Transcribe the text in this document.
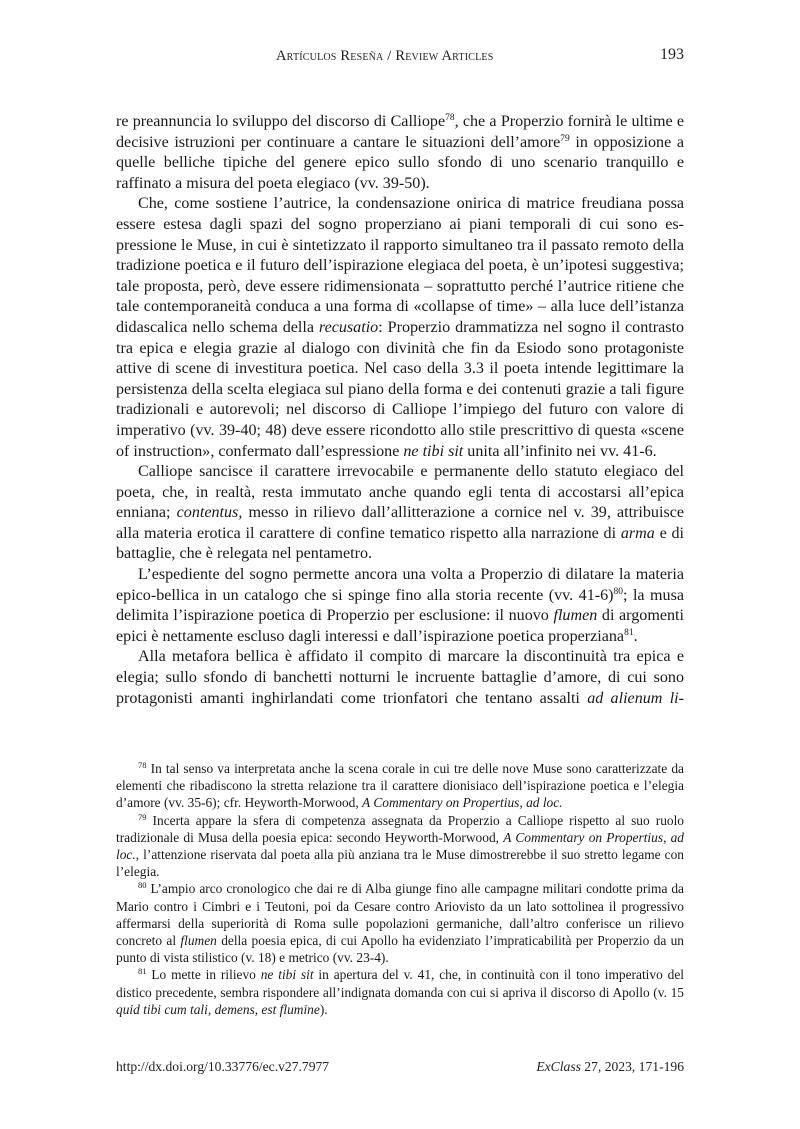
Artículos Reseña / Review Articles	193

re preannuncia lo sviluppo del discorso di Calliope$^{78}$, che a Properzio fornirà le ultime e decisive istruzioni per continuare a cantare le situazioni dell’amore$^{79}$ in opposizione a quelle belliche tipiche del genere epico sullo sfondo di uno scenario tranquillo e raffinato a misura del poeta elegiaco (vv. 39-50).

Che, come sostiene l’autrice, la condensazione onirica di matrice freudiana possa essere estesa dagli spazi del sogno properziano ai piani temporali di cui sono espressione le Muse, in cui è sintetizzato il rapporto simultaneo tra il passato remoto della tradizione poetica e il futuro dell’ispirazione elegiaca del poeta, è un’ipotesi suggestiva; tale proposta, però, deve essere ridimensionata – soprattutto perché l’autrice ritiene che tale contemporaneità conduca a una forma di «collapse of time» – alla luce dell’istanza didascalica nello schema della recusatio: Properzio drammatizza nel sogno il contrasto tra epica e elegia grazie al dialogo con divinità che fin da Esiodo sono protagoniste attive di scene di investitura poetica. Nel caso della 3.3 il poeta intende legittimare la persistenza della scelta elegiaca sul piano della forma e dei contenuti grazie a tali figure tradizionali e autorevoli; nel discorso di Calliope l’impiego del futuro con valore di imperativo (vv. 39-40; 48) deve essere ricondotto allo stile prescrittivo di questa «scene of instruction», confermato dall’espressione ne tibi sit unita all’infinito nei vv. 41-6.

Calliope sancisce il carattere irrevocabile e permanente dello statuto elegiaco del poeta, che, in realtà, resta immutato anche quando egli tenta di accostarsi all’epica enniana; contentus, messo in rilievo dall’allitterazione a cornice nel v. 39, attribuisce alla materia erotica il carattere di confine tematico rispetto alla narrazione di arma e di battaglie, che è relegata nel pentametro.

L’espediente del sogno permette ancora una volta a Properzio di dilatare la materia epico-bellica in un catalogo che si spinge fino alla storia recente (vv. 41-6)$^{80}$; la musa delimita l’ispirazione poetica di Properzio per esclusione: il nuovo flumen di argomenti epici è nettamente escluso dagli interessi e dall’ispirazione poetica properziana$^{81}$.

Alla metafora bellica è affidato il compito di marcare la discontinuità tra epica e elegia; sullo sfondo di banchetti notturni le incruente battaglie d’amore, di cui sono protagonisti amanti inghirlandati come trionfatori che tentano assalti ad alienum li-

$^{78}$ In tal senso va interpretata anche la scena corale in cui tre delle nove Muse sono caratterizzate da elementi che ribadiscono la stretta relazione tra il carattere dionisiaco dell’ispirazione poetica e l’elegia d’amore (vv. 35-6); cfr. Heyworth-Morwood, A Commentary on Propertius, ad loc.

$^{79}$ Incerta appare la sfera di competenza assegnata da Properzio a Calliope rispetto al suo ruolo tradizionale di Musa della poesia epica: secondo Heyworth-Morwood, A Commentary on Propertius, ad loc., l’attenzione riservata dal poeta alla più anziana tra le Muse dimostrerebbe il suo stretto legame con l’elegia.

$^{80}$ L’ampio arco cronologico che dai re di Alba giunge fino alle campagne militari condotte prima da Mario contro i Cimbri e i Teutoni, poi da Cesare contro Ariovisto da un lato sottolinea il progressivo affermarsi della superiorità di Roma sulle popolazioni germaniche, dall’altro conferisce un rilievo concreto al flumen della poesia epica, di cui Apollo ha evidenziato l’impraticabilità per Properzio da un punto di vista stilistico (v. 18) e metrico (vv. 23-4).

$^{81}$ Lo mette in rilievo ne tibi sit in apertura del v. 41, che, in continuità con il tono imperativo del distico precedente, sembra rispondere all’indignata domanda con cui si apriva il discorso di Apollo (v. 15 quid tibi cum tali, demens, est flumine).

http://dx.doi.org/10.33776/ec.v27.7977	ExClass 27, 2023, 171-196
